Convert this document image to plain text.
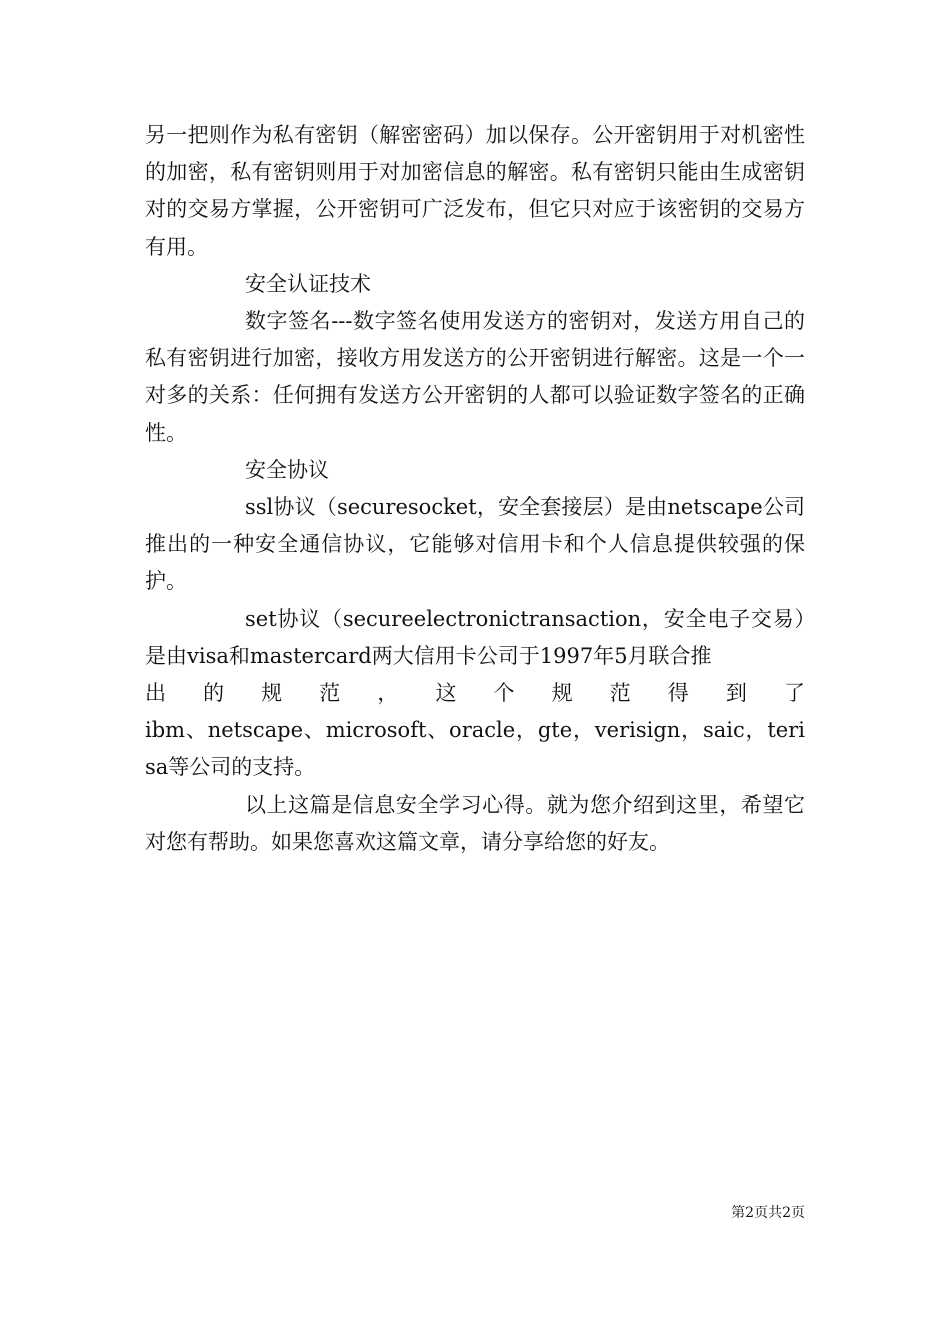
另一把则作为私有密钥（解密密码）加以保存。公开密钥用于对机密性的加密，私有密钥则用于对加密信息的解密。私有密钥只能由生成密钥对的交易方掌握，公开密钥可广泛发布，但它只对应于该密钥的交易方有用。

安全认证技术

数字签名---数字签名使用发送方的密钥对，发送方用自己的私有密钥进行加密，接收方用发送方的公开密钥进行解密。这是一个一对多的关系：任何拥有发送方公开密钥的人都可以验证数字签名的正确性。

安全协议

ssl协议（securesocket，安全套接层）是由netscape公司推出的一种安全通信协议，它能够对信用卡和个人信息提供较强的保护。

set协议（secureelectronictransaction，安全电子交易）是由visa和mastercard两大信用卡公司于1997年5月联合推

出 的 规 范 ， 这 个 规 范 得 到 了

ibm、netscape、microsoft、oracle，gte，verisign，saic，teri

sa等公司的支持。

以上这篇是信息安全学习心得。就为您介绍到这里，希望它对您有帮助。如果您喜欢这篇文章，请分享给您的好友。

第2页共2页
